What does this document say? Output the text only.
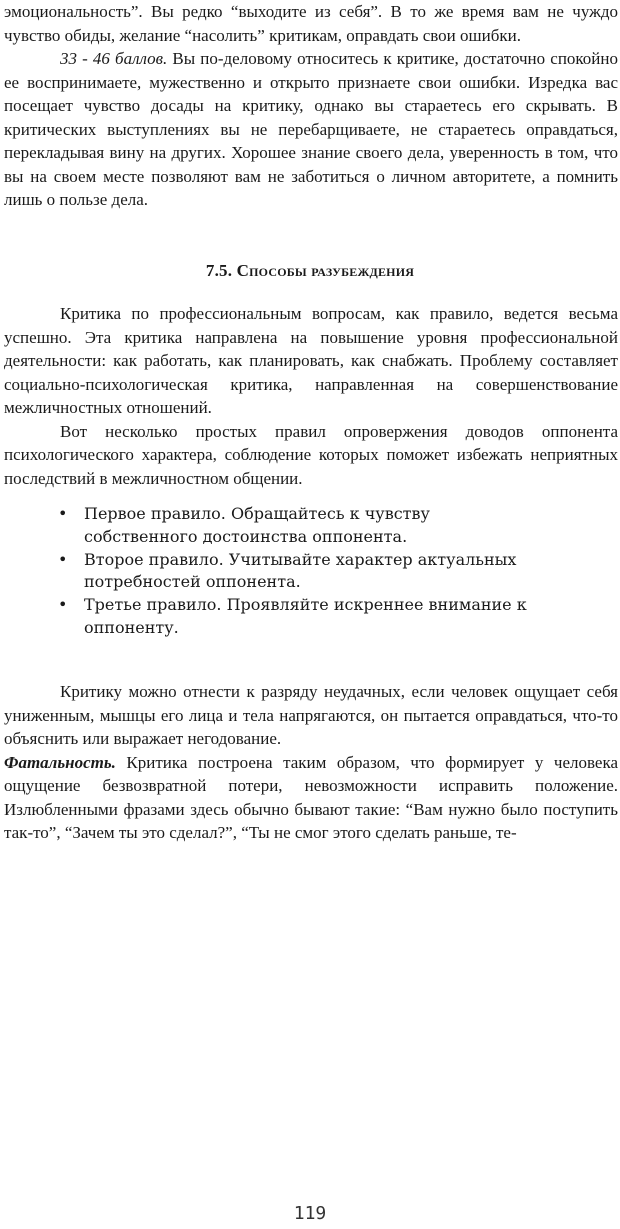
эмоциональность”. Вы редко “выходите из себя”. В то же время вам не чуждо чувство обиды, желание “насолить” критикам, оправдать свои ошибки.

33 - 46 баллов. Вы по-деловому относитесь к критике, достаточно спокойно ее воспринимаете, мужественно и открыто признаете свои ошибки. Изредка вас посещает чувство досады на критику, однако вы стараетесь его скрывать. В критических выступлениях вы не перебарщиваете, не стараетесь оправдаться, перекладывая вину на других. Хорошее знание своего дела, уверенность в том, что вы на своем месте позволяют вам не заботиться о личном авторитете, а помнить лишь о пользе дела.

7.5. Способы разубеждения

Критика по профессиональным вопросам, как правило, ведется весьма успешно. Эта критика направлена на повышение уровня профессиональной деятельности: как работать, как планировать, как снабжать. Проблему составляет социально-психологическая критика, направленная на совершенствование межличностных отношений.

Вот несколько простых правил опровержения доводов оппонента психологического характера, соблюдение которых поможет избежать неприятных последствий в межличностном общении.

• Первое правило. Обращайтесь к чувству собственного достоинства оппонента.
• Второе правило. Учитывайте характер актуальных потребностей оппонента.
• Третье правило. Проявляйте искреннее внимание к оппоненту.

Критику можно отнести к разряду неудачных, если человек ощущает себя униженным, мышцы его лица и тела напрягаются, он пытается оправдаться, что-то объяснить или выражает негодование.

Фатальность. Критика построена таким образом, что формирует у человека ощущение безвозвратной потери, невозможности исправить положение. Излюбленными фразами здесь обычно бывают такие: “Вам нужно было поступить так-то”, “Зачем ты это сделал?”, “Ты не смог этого сделать раньше, те-

119
